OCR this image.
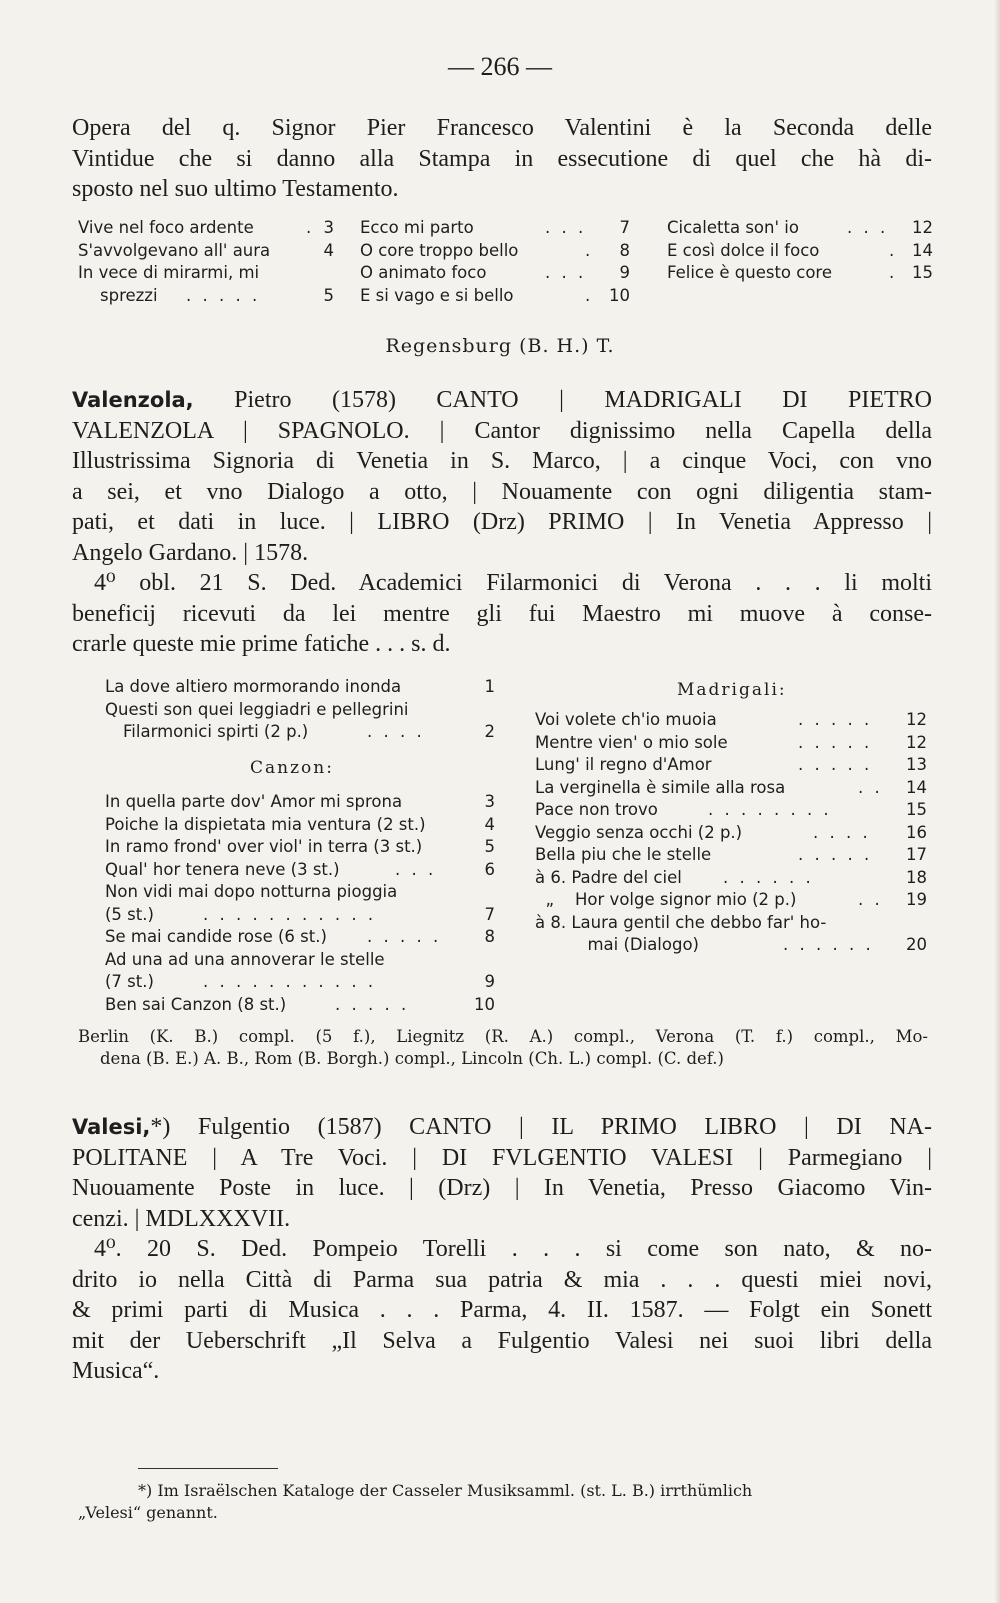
— 266 —
Opera del q. Signor Pier Francesco Valentini è la Seconda delle
Vintidue che si danno alla Stampa in essecutione di quel che hà di-
sposto nel suo ultimo Testamento.
Vive nel foco ardente	. 3
S'avvolgevano all' aura	4
In vece di mirarmi, mi
sprezzi . . . . .	5
Ecco mi parto	. . .	7
O core troppo bello	.	8
O animato foco	. . .	9
E si vago e si bello	. 10
Cicaletta son' io	. . .	12
E così dolce il foco	. 14
Felice è questo core	. 15
Regensburg (B. H.) T.
Valenzola, Pietro (1578) CANTO | MADRIGALI DI PIETRO
VALENZOLA | SPAGNOLO. | Cantor dignissimo nella Capella della
Illustrissima Signoria di Venetia in S. Marco, | a cinque Voci, con vno
a sei, et vno Dialogo a otto, | Nouamente con ogni diligentia stam-
pati, et dati in luce. | LIBRO (Drz) PRIMO | In Venetia Appresso |
Angelo Gardano. | 1578.
4⁰ obl. 21 S. Ded. Academici Filarmonici di Verona . . . li molti
beneficij ricevuti da lei mentre gli fui Maestro mi muove à conse-
crarle queste mie prime fatiche . . . s. d.
La dove altiero mormorando inonda	1
Questi son quei leggiadri e pellegrini
Filarmonici spirti (2 p.)	. . . .	2
Canzon:
In quella parte dov' Amor mi sprona	3
Poiche la dispietata mia ventura (2 st.)	4
In ramo frond' over viol' in terra (3 st.)	5
Qual' hor tenera neve (3 st.)	. . .	6
Non vidi mai dopo notturna pioggia
(5 st.)	. . . . . . . . . . .	7
Se mai candide rose (6 st.) . . . . .	8
Ad una ad una annoverar le stelle
(7 st.)	. . . . . . . . . . .	9
Ben sai Canzon (8 st.)	. . . . .	10
Madrigali:
Voi volete ch'io muoia	. . . . .	12
Mentre vien' o mio sole	. . . . .	12
Lung' il regno d'Amor	. . . . .	13
La verginella è simile alla rosa	. .	14
Pace non trovo	. . . . . . . .	15
Veggio senza occhi (2 p.)	. . . .	16
Bella piu che le stelle	. . . . .	17
à 6. Padre del ciel . . . . . .	18
„    Hor volge signor mio (2 p.)	. .	19
à 8. Laura gentil che debbo far' ho-
mai (Dialogo)	. . . . . .	20
Berlin (K. B.) compl. (5 f.), Liegnitz (R. A.) compl., Verona (T. f.) compl., Mo-
dena (B. E.) A. B., Rom (B. Borgh.) compl., Lincoln (Ch. L.) compl. (C. def.)
Valesi,*) Fulgentio (1587) CANTO | IL PRIMO LIBRO | DI NA-
POLITANE | A Tre Voci. | DI FVLGENTIO VALESI | Parmegiano |
Nuouamente Poste in luce. | (Drz) | In Venetia, Presso Giacomo Vin-
cenzi. | MDLXXXVII.
4⁰. 20 S. Ded. Pompeio Torelli . . . si come son nato, & no-
drito io nella Città di Parma sua patria & mia . . . questi miei novi,
& primi parti di Musica . . . Parma, 4. II. 1587. — Folgt ein Sonett
mit der Ueberschrift „Il Selva a Fulgentio Valesi nei suoi libri della
Musica“.
*) Im Israëlschen Kataloge der Casseler Musiksamml. (st. L. B.) irrthümlich
„Velesi“ genannt.
